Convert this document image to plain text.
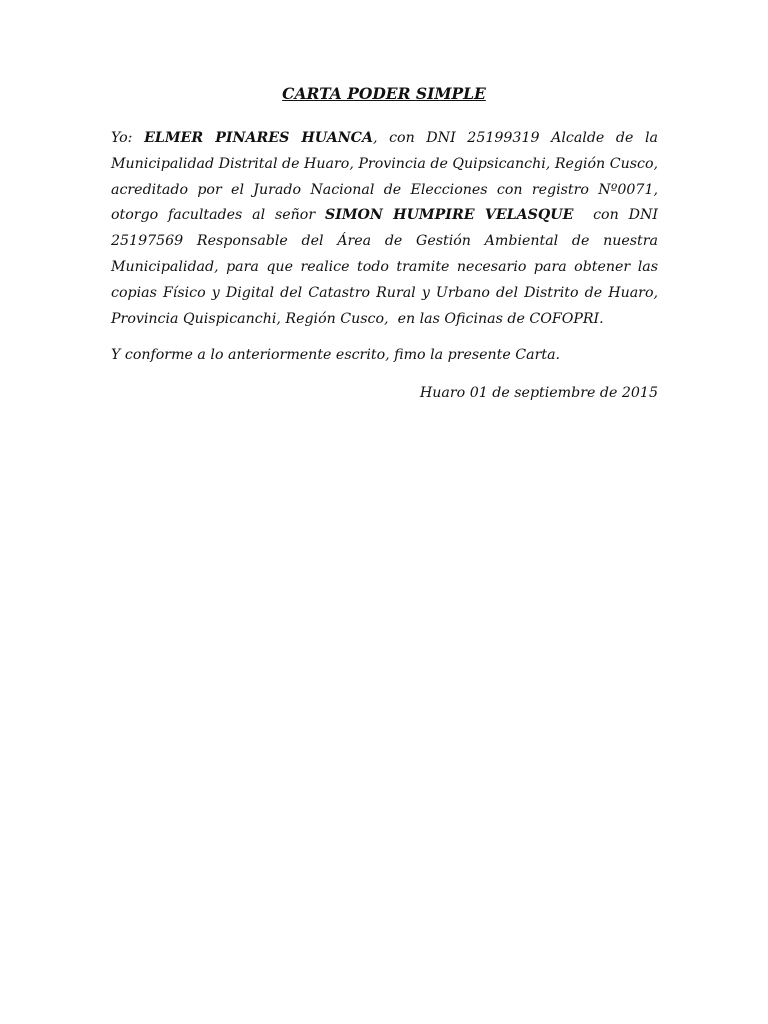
CARTA PODER SIMPLE

Yo: ELMER PINARES HUANCA, con DNI 25199319 Alcalde de la Municipalidad Distrital de Huaro, Provincia de Quipsicanchi, Región Cusco, acreditado por el Jurado Nacional de Elecciones con registro Nº0071, otorgo facultades al señor SIMON HUMPIRE VELASQUE  con DNI 25197569 Responsable del Área de Gestión Ambiental de nuestra Municipalidad, para que realice todo tramite necesario para obtener las copias Físico y Digital del Catastro Rural y Urbano del Distrito de Huaro, Provincia Quispicanchi, Región Cusco,  en las Oficinas de COFOPRI.

Y conforme a lo anteriormente escrito, fimo la presente Carta.

Huaro 01 de septiembre de 2015
